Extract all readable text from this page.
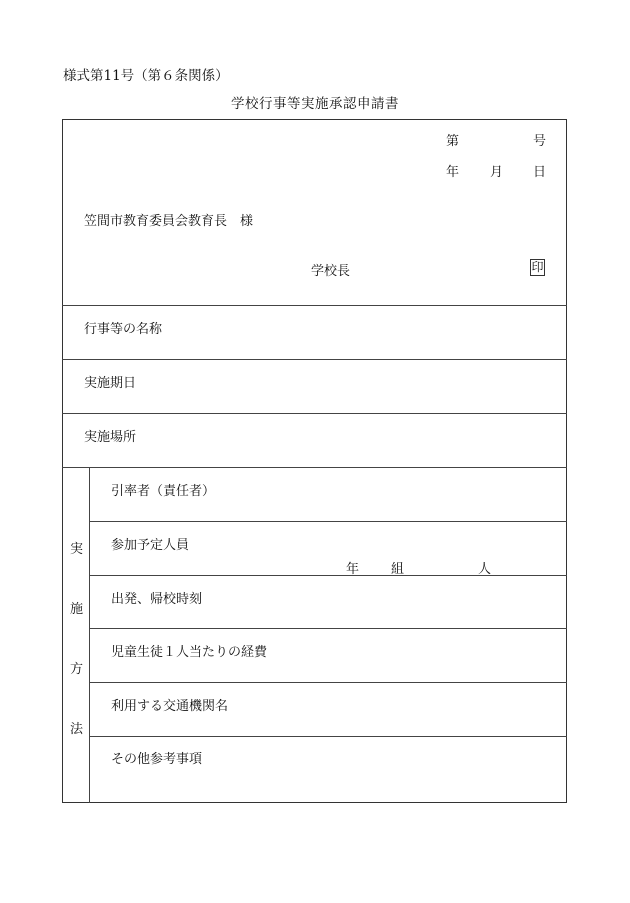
様式第11号（第６条関係）
学校行事等実施承認申請書
第	号
年 月 日
笠間市教育委員会教育長　様
学校長	印
行事等の名称
実施期日
実施場所
実
施
方
法
引率者（責任者）
参加予定人員
年 組	人
出発、帰校時刻
児童生徒１人当たりの経費
利用する交通機関名
その他参考事項
